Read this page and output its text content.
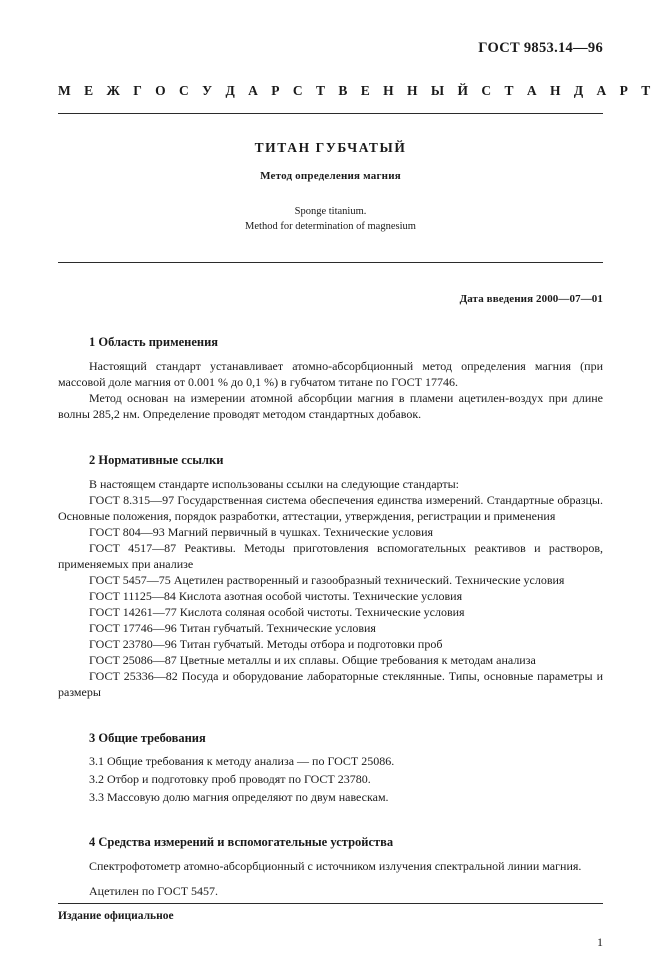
ГОСТ 9853.14—96
М Е Ж Г О С У Д А Р С Т В Е Н Н Ы Й С Т А Н Д А Р Т
ТИТАН ГУБЧАТЫЙ
Метод определения магния
Sponge titanium.
Method for determination of magnesium
Дата введения 2000—07—01
1 Область применения
Настоящий стандарт устанавливает атомно-абсорбционный метод определения магния (при массовой доле магния от 0.001 % до 0,1 %) в губчатом титане по ГОСТ 17746.
Метод основан на измерении атомной абсорбции магния в пламени ацетилен-воздух при длине волны 285,2 нм. Определение проводят методом стандартных добавок.
2 Нормативные ссылки
В настоящем стандарте использованы ссылки на следующие стандарты:
ГОСТ 8.315—97 Государственная система обеспечения единства измерений. Стандартные образцы. Основные положения, порядок разработки, аттестации, утверждения, регистрации и применения
ГОСТ 804—93 Магний первичный в чушках. Технические условия
ГОСТ 4517—87 Реактивы. Методы приготовления вспомогательных реактивов и растворов, применяемых при анализе
ГОСТ 5457—75 Ацетилен растворенный и газообразный технический. Технические условия
ГОСТ 11125—84 Кислота азотная особой чистоты. Технические условия
ГОСТ 14261—77 Кислота соляная особой чистоты. Технические условия
ГОСТ 17746—96 Титан губчатый. Технические условия
ГОСТ 23780—96 Титан губчатый. Методы отбора и подготовки проб
ГОСТ 25086—87 Цветные металлы и их сплавы. Общие требования к методам анализа
ГОСТ 25336—82 Посуда и оборудование лабораторные стеклянные. Типы, основные параметры и размеры
3 Общие требования
3.1 Общие требования к методу анализа — по ГОСТ 25086.
3.2 Отбор и подготовку проб проводят по ГОСТ 23780.
3.3 Массовую долю магния определяют по двум навескам.
4 Средства измерений и вспомогательные устройства
Спектрофотометр атомно-абсорбционный с источником излучения спектральной линии магния.
Ацетилен по ГОСТ 5457.
Издание официальное
1
